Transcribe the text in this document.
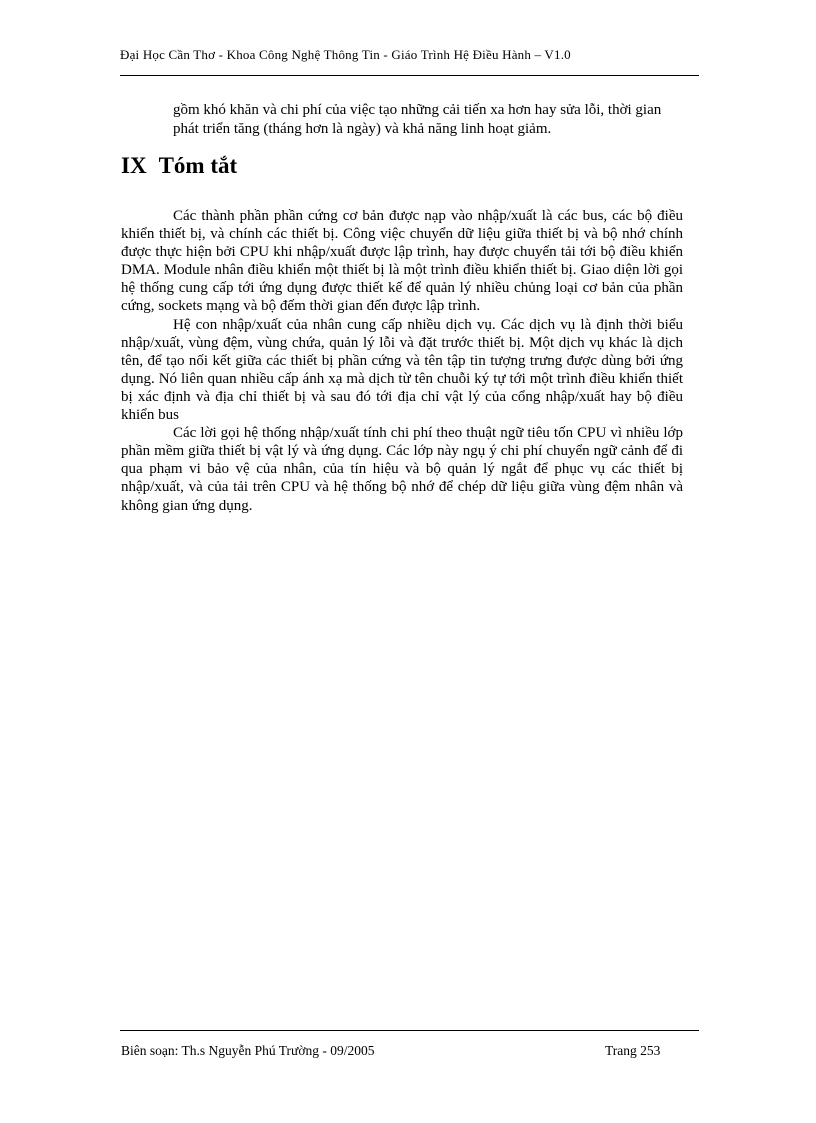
Đại Học Cần Thơ - Khoa Công Nghệ Thông Tin - Giáo Trình Hệ Điều Hành – V1.0

gồm khó khăn và chi phí của việc tạo những cải tiến xa hơn hay sửa lỗi, thời gian phát triển tăng (tháng hơn là ngày) và khả năng linh hoạt giảm.

IX Tóm tắt

Các thành phần phần cứng cơ bản được nạp vào nhập/xuất là các bus, các bộ điều khiển thiết bị, và chính các thiết bị. Công việc chuyển dữ liệu giữa thiết bị và bộ nhớ chính được thực hiện bởi CPU khi nhập/xuất được lập trình, hay được chuyển tải tới bộ điều khiển DMA. Module nhân điều khiển một thiết bị là một trình điều khiển thiết bị. Giao diện lời gọi hệ thống cung cấp tới ứng dụng được thiết kế để quản lý nhiều chủng loại cơ bản của phần cứng, sockets mạng và bộ đếm thời gian đến được lập trình.

Hệ con nhập/xuất của nhân cung cấp nhiều dịch vụ. Các dịch vụ là định thời biểu nhập/xuất, vùng đệm, vùng chứa, quản lý lỗi và đặt trước thiết bị. Một dịch vụ khác là dịch tên, để tạo nối kết giữa các thiết bị phần cứng và tên tập tin tượng trưng được dùng bởi ứng dụng. Nó liên quan nhiều cấp ánh xạ mà dịch từ tên chuỗi ký tự tới một trình điều khiển thiết bị xác định và địa chỉ thiết bị và sau đó tới địa chỉ vật lý của cổng nhập/xuất hay bộ điều khiển bus

Các lời gọi hệ thống nhập/xuất tính chi phí theo thuật ngữ tiêu tốn CPU vì nhiều lớp phần mềm giữa thiết bị vật lý và ứng dụng. Các lớp này ngụ ý chi phí chuyển ngữ cảnh để đi qua phạm vi bảo vệ của nhân, của tín hiệu và bộ quản lý ngắt để phục vụ các thiết bị nhập/xuất, và của tải trên CPU và hệ thống bộ nhớ để chép dữ liệu giữa vùng đệm nhân và không gian ứng dụng.

Biên soạn: Th.s Nguyễn Phú Trường - 09/2005	Trang 253
